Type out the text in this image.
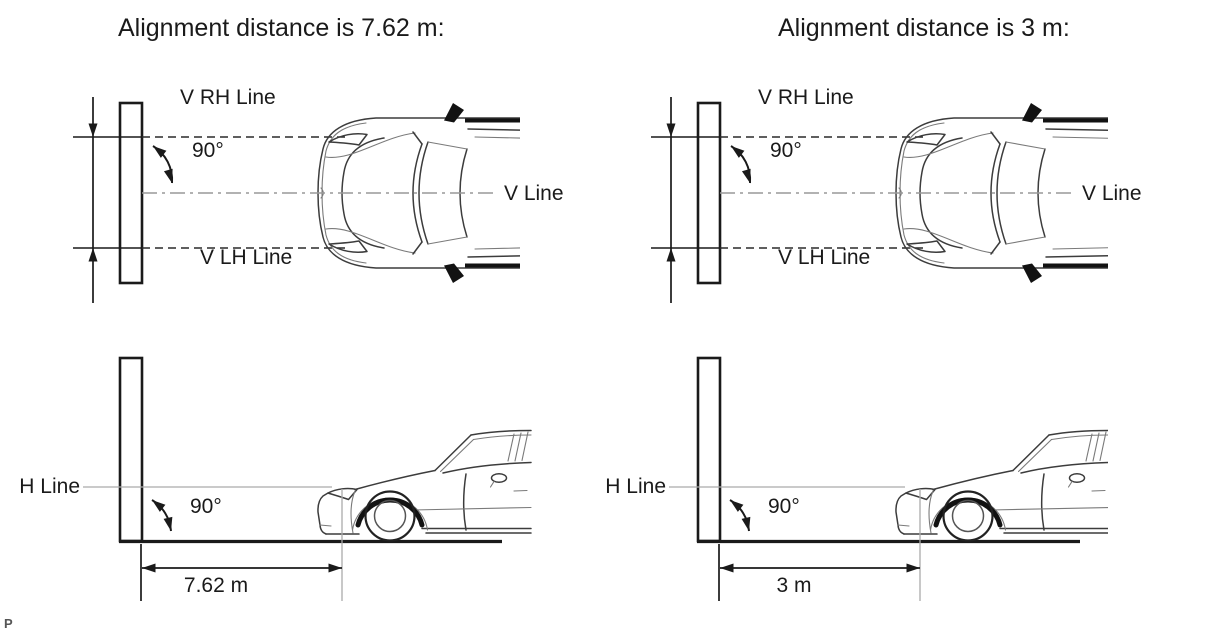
Alignment distance is 7.62 m:
V RH Line
90°
V LH Line
V Line
H Line
90°
7.62 m
Alignment distance is 3 m:
V RH Line
90°
V LH Line
V Line
H Line
90°
3 m
P
